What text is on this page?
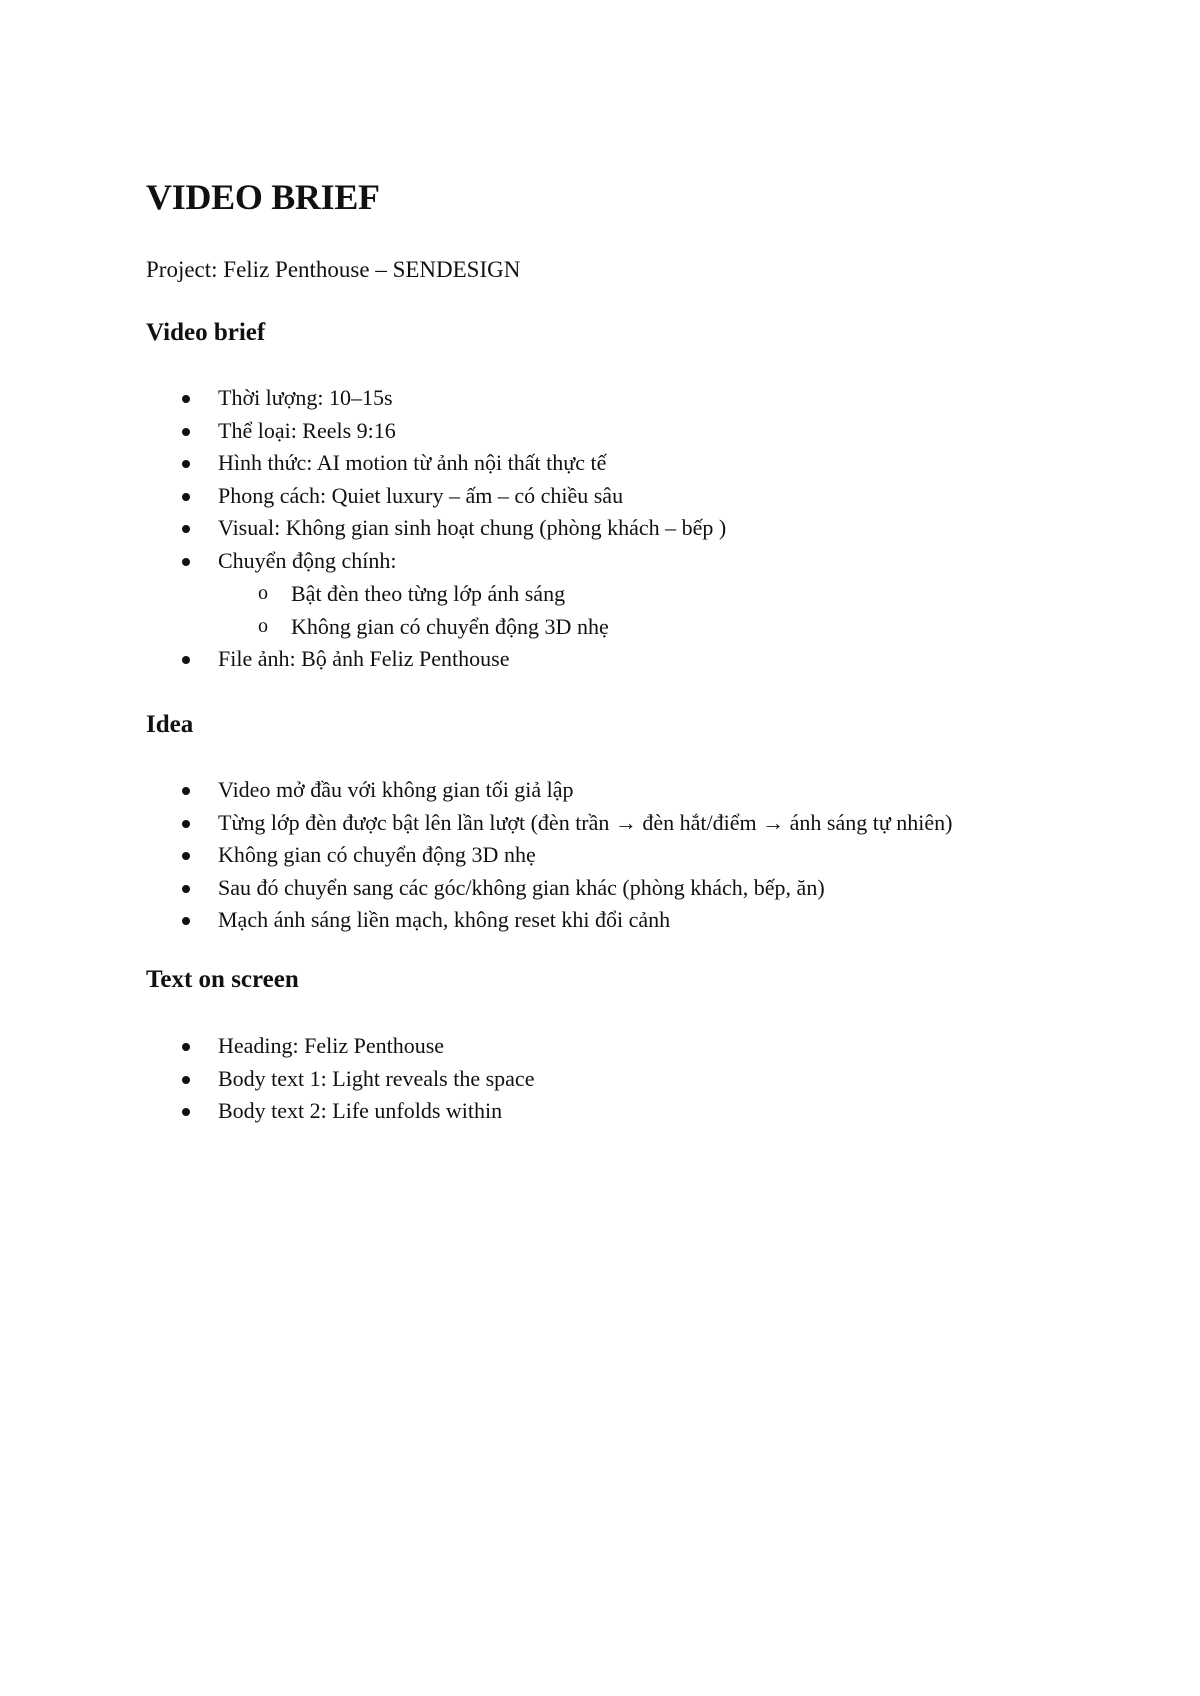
VIDEO BRIEF

Project: Feliz Penthouse – SENDESIGN

Video brief
Thời lượng: 10–15s
Thể loại: Reels 9:16
Hình thức: AI motion từ ảnh nội thất thực tế
Phong cách: Quiet luxury – ấm – có chiều sâu
Visual: Không gian sinh hoạt chung (phòng khách – bếp )
Chuyển động chính:
o Bật đèn theo từng lớp ánh sáng
o Không gian có chuyển động 3D nhẹ
File ảnh: Bộ ảnh Feliz Penthouse
Idea
Video mở đầu với không gian tối giả lập
Từng lớp đèn được bật lên lần lượt (đèn trần → đèn hắt/điểm → ánh sáng tự nhiên)
Không gian có chuyển động 3D nhẹ
Sau đó chuyển sang các góc/không gian khác (phòng khách, bếp, ăn)
Mạch ánh sáng liền mạch, không reset khi đổi cảnh
Text on screen
Heading: Feliz Penthouse
Body text 1: Light reveals the space
Body text 2: Life unfolds within
